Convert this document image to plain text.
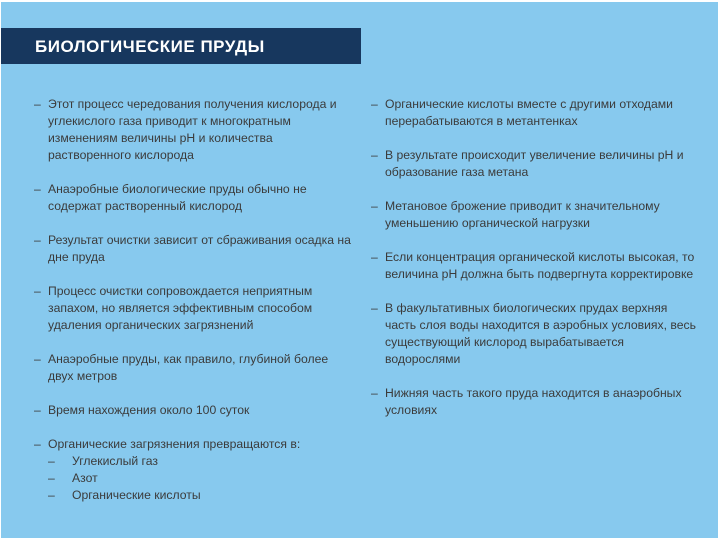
БИОЛОГИЧЕСКИЕ ПРУДЫ
– Этот процесс чередования получения кислорода и углекислого газа приводит к многократным изменениям величины pH и количества растворенного кислорода
– Анаэробные биологические пруды обычно не содержат растворенный кислород
– Результат очистки зависит от сбраживания осадка на дне пруда
– Процесс очистки сопровождается неприятным запахом, но является эффективным способом удаления органических загрязнений
– Анаэробные пруды, как правило, глубиной более двух метров
– Время нахождения около 100 суток
– Органические загрязнения превращаются в:
– Углекислый газ
– Азот
– Органические кислоты
– Органические кислоты вместе с другими отходами перерабатываются в метантенках
– В результате происходит увеличение величины pH и образование газа метана
– Метановое брожение приводит к значительному уменьшению органической нагрузки
– Если концентрация органической кислоты высокая, то величина pH должна быть подвергнута корректировке
– В факультативных биологических прудах верхняя часть слоя воды находится в аэробных условиях, весь существующий кислород вырабатывается водорослями
– Нижняя часть такого пруда находится в анаэробных условиях
